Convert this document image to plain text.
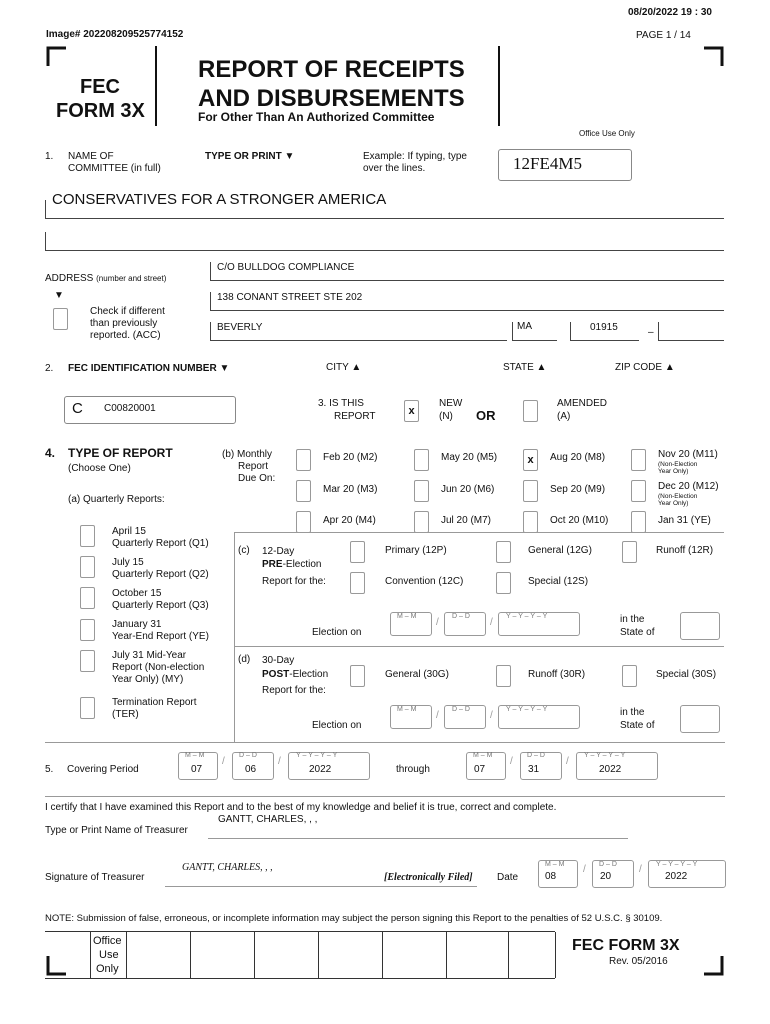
08/20/2022 19 : 30
Image# 202208209525774152	PAGE 1 / 14
FEC
FORM 3X
REPORT OF RECEIPTS
AND DISBURSEMENTS
For Other Than An Authorized Committee
Office Use Only
12FE4M5
1. NAME OF
COMMITTEE (in full)
TYPE OR PRINT ▼	Example: If typing, type
over the lines.
CONSERVATIVES FOR A STRONGER AMERICA
ADDRESS (number and street)
▼
Check if different
than previously
reported. (ACC)
C/O BULLDOG COMPLIANCE
138 CONANT STREET STE 202
BEVERLY	MA	01915	–
2. FEC IDENTIFICATION NUMBER ▼	CITY ▲	STATE ▲	ZIP CODE ▲
C C00820001	3. IS THIS
REPORT	x
NEW
(N) OR
AMENDED
(A)
4. TYPE OF REPORT
(Choose One)
(a) Quarterly Reports:
(b) Monthly
Report
Due On:
Feb 20 (M2)	May 20 (M5)	x	Aug 20 (M8)	Nov 20 (M11)
(Non-Election
Year Only)
Mar 20 (M3)	Jun 20 (M6)	Sep 20 (M9)	Dec 20 (M12)
(Non-Election
Year Only)
Apr 20 (M4)	Jul 20 (M7)	Oct 20 (M10)	Jan 31 (YE)
April 15
Quarterly Report (Q1)
July 15
Quarterly Report (Q2)
October 15
Quarterly Report (Q3)
January 31
Year-End Report (YE)
July 31 Mid-Year
Report (Non-election
Year Only) (MY)
Termination Report
(TER)
(c) 12-Day
PRE-Election
Report for the:
Primary (12P)	General (12G)	Runoff (12R)
Convention (12C)	Special (12S)
Election on
M – M
/
D – D
/
Y – Y – Y – Y	in the
State of
(d) 30-Day
POST-Election
Report for the:
General (30G)	Runoff (30R)	Special (30S)
Election on
M – M
/
D – D
/
Y – Y – Y – Y	in the
State of
5. Covering Period
M – M
07
/
D – D
06
/
Y – Y – Y – Y
2022	through
M – M
07
/
D – D
31
/
Y – Y – Y – Y
2022
I certify that I have examined this Report and to the best of my knowledge and belief it is true, correct and complete.
GANTT, CHARLES, , ,
Type or Print Name of Treasurer
Signature of Treasurer
GANTT, CHARLES, , ,
[Electronically Filed] Date
M – M
08
/ D – D
20
/ Y – Y – Y – Y
2022
NOTE: Submission of false, erroneous, or incomplete information may subject the person signing this Report to the penalties of 52 U.S.C. § 30109.
Office
Use
Only
FEC FORM 3X
Rev. 05/2016
